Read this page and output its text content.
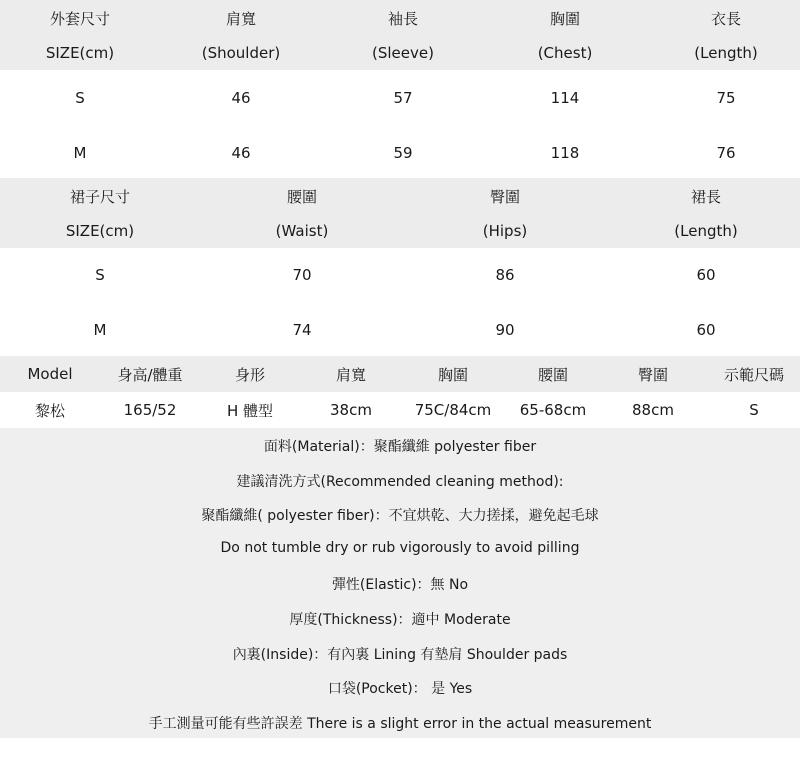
外套尺寸	肩寬	袖長	胸圍	衣長
SIZE(cm)	(Shoulder)	(Sleeve)	(Chest)	(Length)
S	46	57	114	75
M	46	59	118	76
裙子尺寸	腰圍	臀圍	裙長
SIZE(cm)	(Waist)	(Hips)	(Length)
S	70	86	60
M	74	90	60
Model	身高/體重	身形	肩寬	胸圍	腰圍	臀圍	示範尺碼
黎松	165/52	H 體型	38cm	75C/84cm	65-68cm	88cm	S
面料(Material)：聚酯纖維 polyester fiber
建議清洗方式(Recommended cleaning method):
聚酯纖維( polyester fiber)：不宜烘乾、大力搓揉，避免起毛球
Do not tumble dry or rub vigorously to avoid pilling
彈性(Elastic)：無 No
厚度(Thickness)：適中 Moderate
內裏(Inside)：有內裏 Lining 有墊肩 Shoulder pads
口袋(Pocket)： 是 Yes
手工測量可能有些許誤差 There is a slight error in the actual measurement
